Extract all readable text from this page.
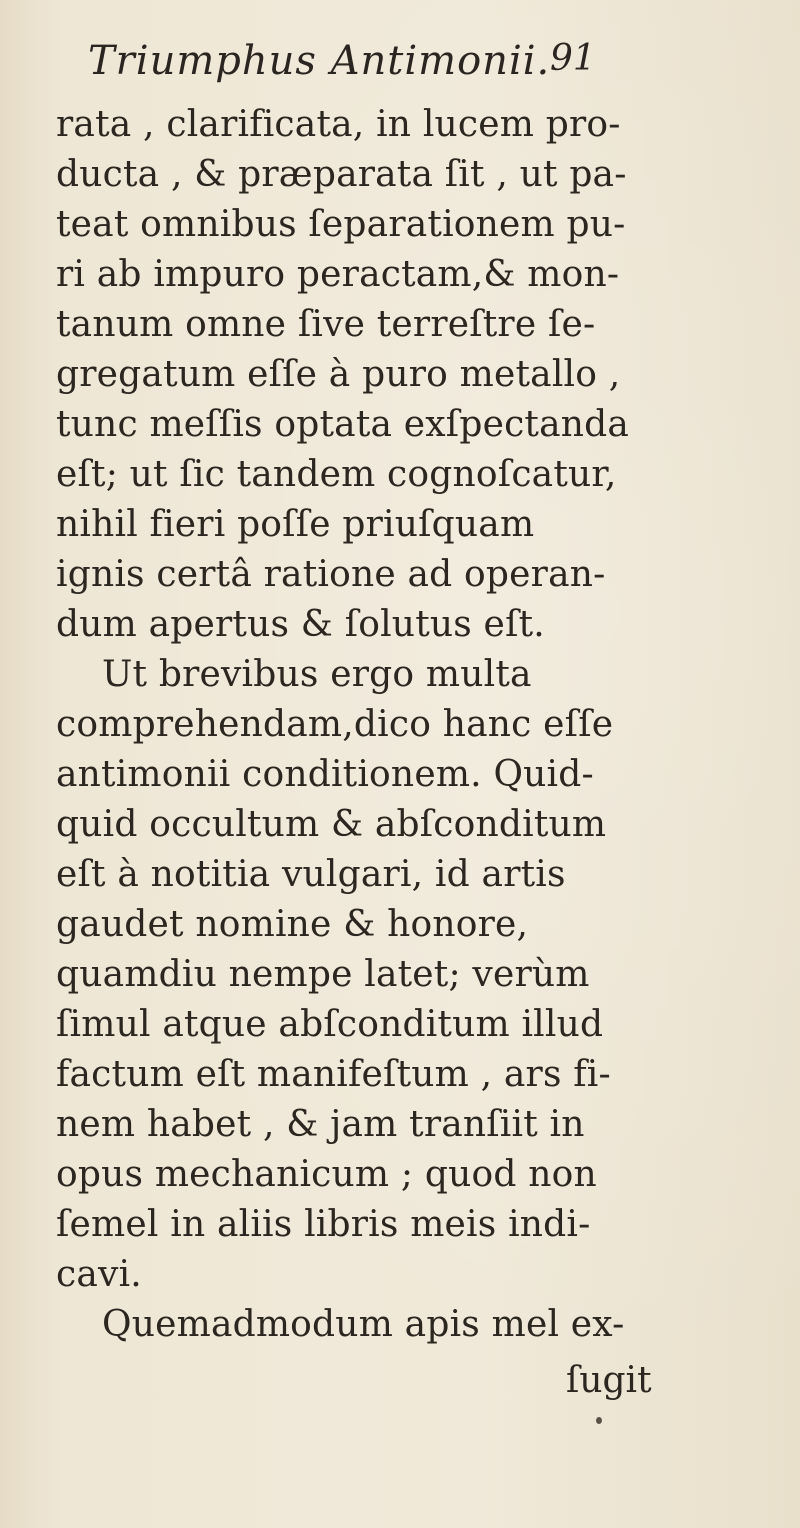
Triumphus Antimonii. 91
rata , clarificata, in lucem pro-
ducta , & præparata ſit , ut pa-
teat omnibus ſeparationem pu-
ri ab impuro peractam,& mon-
tanum omne ſive terreſtre ſe-
gregatum eſſe à puro metallo ,
tunc meſſis optata exſpectanda
eſt; ut ſic tandem cognoſcatur,
nihil fieri poſſe priuſquam
ignis certâ ratione ad operan-
dum apertus & ſolutus eſt.
Ut brevibus ergo multa
comprehendam,dico hanc eſſe
antimonii conditionem. Quid-
quid occultum & abſconditum
eſt à notitia vulgari, id artis
gaudet nomine & honore,
quamdiu nempe latet; verùm
ſimul atque abſconditum illud
factum eſt manifeſtum , ars fi-
nem habet , & jam tranſiit in
opus mechanicum ; quod non
ſemel in aliis libris meis indi-
cavi.
Quemadmodum apis mel ex-
ſugit
